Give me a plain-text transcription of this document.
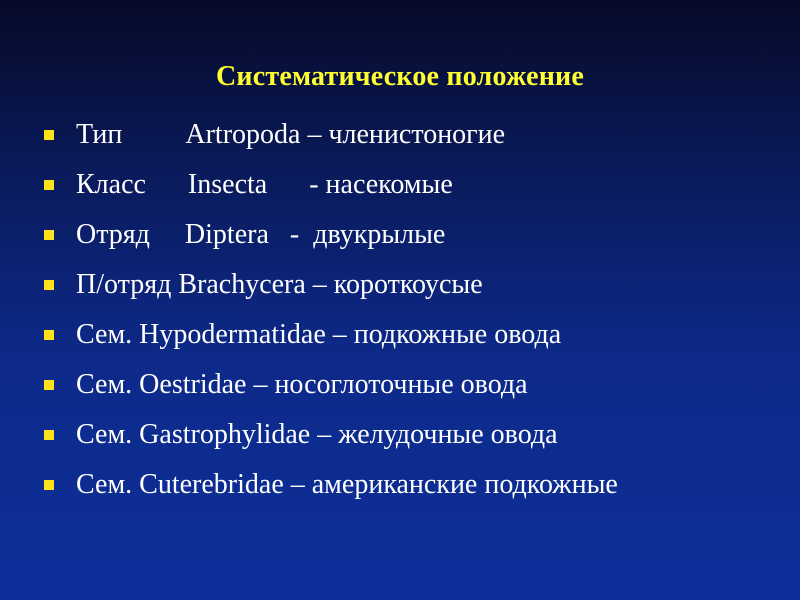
Систематическое положение
Тип         Artropoda – членистоногие
Класс      Insecta      - насекомые
Отряд     Diptera   -  двукрылые
П/отряд Brachycera – короткоусые
Сем. Hypodermatidae – подкожные овода
Сем. Oestridae – носоглоточные овода
Сем. Gastrophylidae – желудочные овода
Сем. Cuterebridae – американские подкожные
